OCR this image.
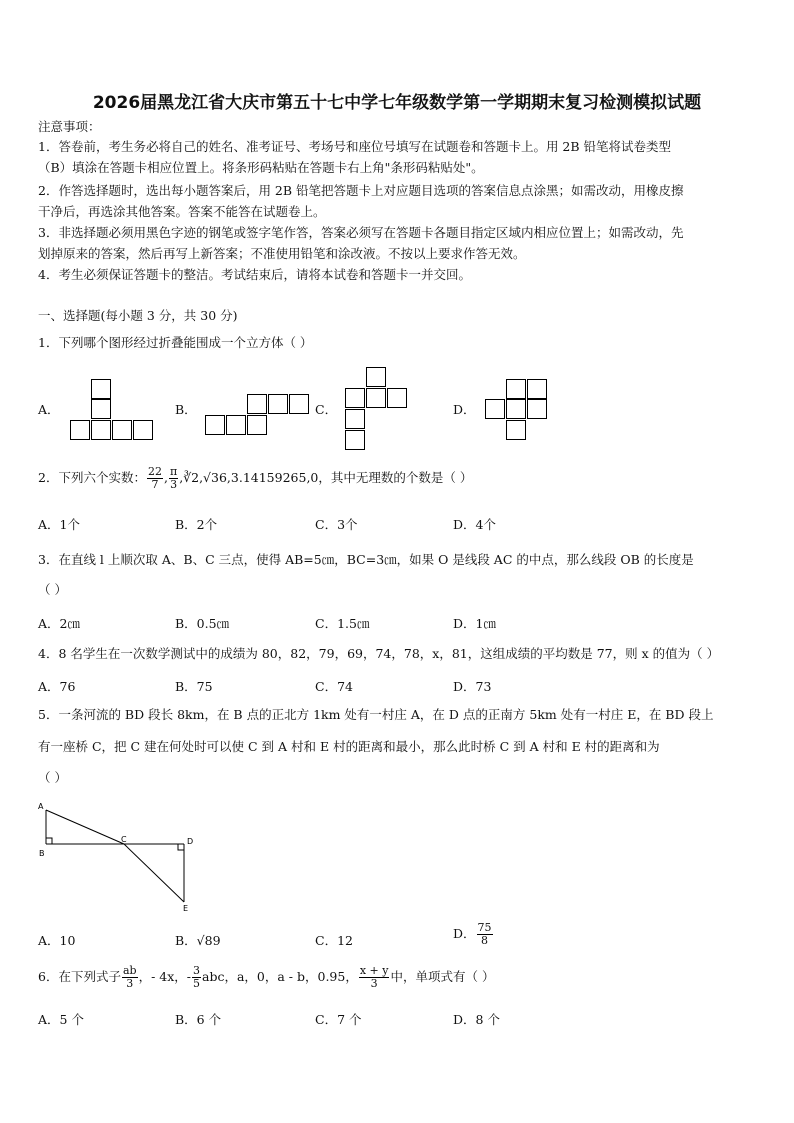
2026届黑龙江省大庆市第五十七中学七年级数学第一学期期末复习检测模拟试题
注意事项：
1．答卷前，考生务必将自己的姓名、准考证号、考场号和座位号填写在试题卷和答题卡上。用 2B 铅笔将试卷类型
（B）填涂在答题卡相应位置上。将条形码粘贴在答题卡右上角"条形码粘贴处"。
2．作答选择题时，选出每小题答案后，用 2B 铅笔把答题卡上对应题目选项的答案信息点涂黑；如需改动，用橡皮擦
干净后，再选涂其他答案。答案不能答在试题卷上。
3．非选择题必须用黑色字迹的钢笔或签字笔作答，答案必须写在答题卡各题目指定区域内相应位置上；如需改动，先
划掉原来的答案，然后再写上新答案；不准使用铅笔和涂改液。不按以上要求作答无效。
4．考生必须保证答题卡的整洁。考试结束后，请将本试卷和答题卡一并交回。
一、选择题(每小题 3 分，共 30 分)
1．下列哪个图形经过折叠能围成一个立方体（ ）
A．	B．	C．	D．
2．下列六个实数： $\frac{22}{7}$ , $\frac{\pi}{3}$ ,∛2,√36,3.14159265,0，其中无理数的个数是（ ）
A．1个	B．2个	C．3个	D．4个
3．在直线 l 上顺次取 A、B、C 三点，使得 AB=5㎝，BC=3㎝，如果 O 是线段 AC 的中点，那么线段 OB 的长度是
（ ）
A．2㎝	B．0.5㎝	C．1.5㎝	D．1㎝
4．8 名学生在一次数学测试中的成绩为 80，82，79，69，74，78，x，81，这组成绩的平均数是 77，则 x 的值为（ ）
A．76	B．75	C．74	D．73
5．一条河流的 BD 段长 8km，在 B 点的正北方 1km 处有一村庄 A，在 D 点的正南方 5km 处有一村庄 E，在 BD 段上
有一座桥 C，把 C 建在何处时可以使 C 到 A 村和 E 村的距离和最小，那么此时桥 C 到 A 村和 E 村的距离和为
（ ）
A
B
C	D
E
A．10	B．√89	C．12	D． $\frac{75}{8}$
6．在下列式子 $\frac{ab}{3}$ ，- 4x，- $\frac{3}{5}$ abc，a，0，a - b，0.95， $\frac{x + y}{3}$ 中，单项式有（ ）
A．5 个	B．6 个	C．7 个	D．8 个
